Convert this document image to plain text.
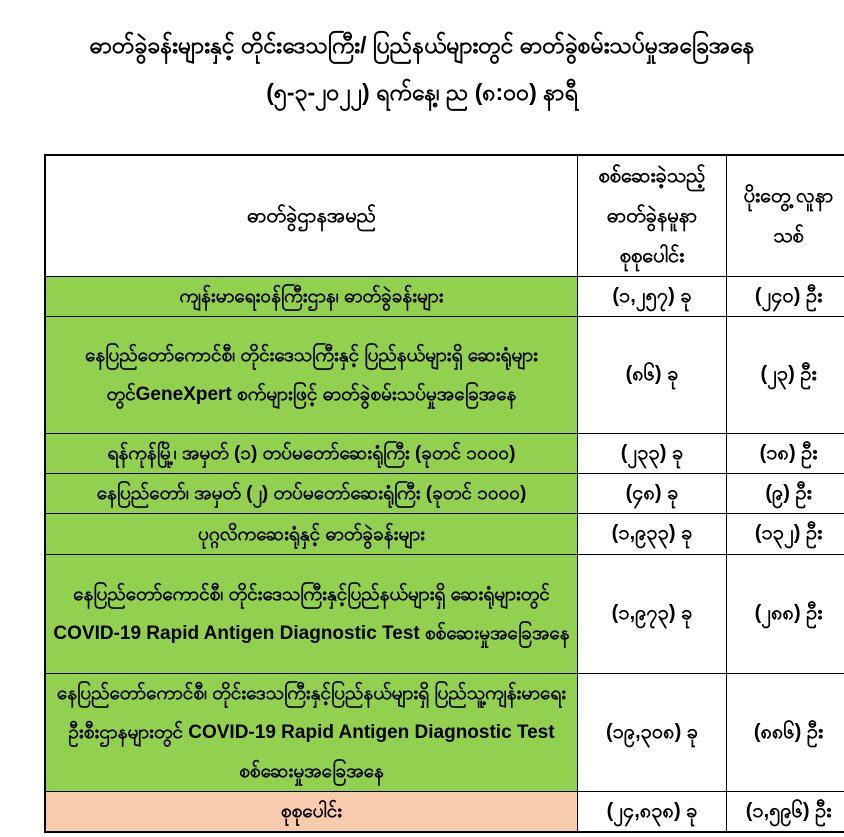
ဓာတ်ခွဲခန်းများနှင့် တိုင်းဒေသကြီး/ ပြည်နယ်များတွင် ဓာတ်ခွဲစမ်းသပ်မှုအခြေအနေ
(၅-၃-၂၀၂၂) ရက်နေ့၊ ည (၈:၀၀) နာရီ
ဓာတ်ခွဲဌာနအမည်	စစ်ဆေးခဲ့သည့် ဓာတ်ခွဲနမူနာ စုစုပေါင်း	ပိုးတွေ့ လူနာသစ်
ကျန်းမာရေးဝန်ကြီးဌာန၊ ဓာတ်ခွဲခန်းများ	(၁,၂၅၇) ခု	(၂၄၀) ဦး
နေပြည်တော်ကောင်စီ၊ တိုင်းဒေသကြီးနှင့် ပြည်နယ်များရှိ ဆေးရုံများတွင်GeneXpert စက်များဖြင့် ဓာတ်ခွဲစမ်းသပ်မှုအခြေအနေ	(၈၆) ခု	(၂၃) ဦး
ရန်ကုန်မြို့၊ အမှတ် (၁) တပ်မတော်ဆေးရုံကြီး (ခုတင် ၁၀၀၀)	(၂၃၃) ခု	(၁၈) ဦး
နေပြည်တော်၊ အမှတ် (၂) တပ်မတော်ဆေးရုံကြီး (ခုတင် ၁၀၀၀)	(၄၈) ခု	(၉) ဦး
ပုဂ္ဂလိကဆေးရုံနှင့် ဓာတ်ခွဲခန်းများ	(၁,၉၃၃) ခု	(၁၃၂) ဦး
နေပြည်တော်ကောင်စီ၊ တိုင်းဒေသကြီးနှင့်ပြည်နယ်များရှိ ဆေးရုံများတွင် COVID-19 Rapid Antigen Diagnostic Test စစ်ဆေးမှုအခြေအနေ	(၁,၉၇၃) ခု	(၂၈၈) ဦး
နေပြည်တော်ကောင်စီ၊ တိုင်းဒေသကြီးနှင့်ပြည်နယ်များရှိ ပြည်သူ့ကျန်းမာရေးဦးစီးဌာနများတွင် COVID-19 Rapid Antigen Diagnostic Test စစ်ဆေးမှုအခြေအနေ	(၁၉,၃၀၈) ခု	(၈၈၆) ဦး
စုစုပေါင်း	(၂၄,၈၃၈) ခု	(၁,၅၉၆) ဦး
